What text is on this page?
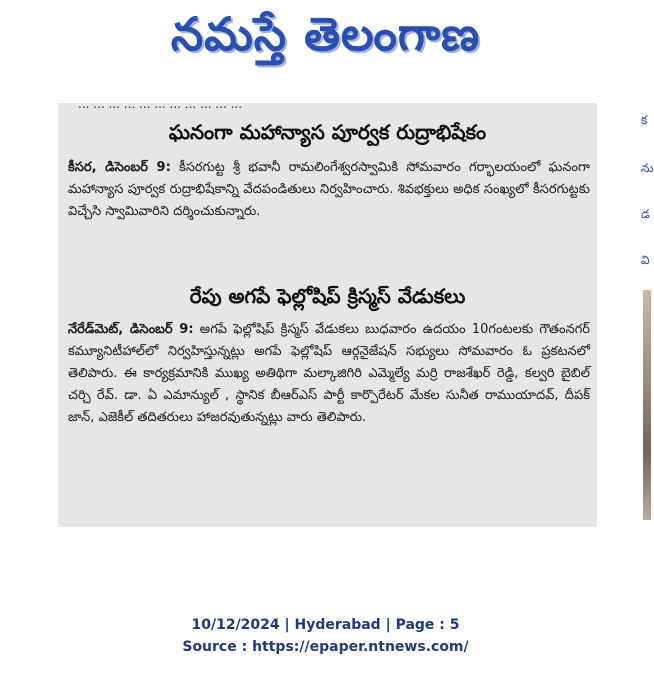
నమస్తే తెలంగాణ
... ... ... ... ... ... ... ... ... ... ...
ఘనంగా మహాన్యాస పూర్వక రుద్రాభిషేకం
కీసర, డిసెంబర్ 9: కీసరగుట్ట శ్రీ భవానీ రామలింగేశ్వరస్వామికి సోమవారం గర్భాలయంలో ఘనంగా మహాన్యాస పూర్వక రుద్రాభిషేకాన్ని వేదపండితులు నిర్వహించారు. శివభక్తులు అధిక సంఖ్యలో కీసరగుట్టకు విచ్చేసి స్వామివారిని దర్శించుకున్నారు.
రేపు అగపే ఫెల్లోషిప్ క్రిస్మస్ వేడుకలు
నేరేడ్‌మెట్, డిసెంబర్ 9: అగపే ఫెల్లోషిప్ క్రిస్మస్ వేడుకలు బుధవారం ఉదయం 10గంటలకు గౌతంనగర్ కమ్యూనిటీహాల్‌లో నిర్వహిస్తున్నట్లు అగపే ఫెల్లోషిప్ ఆర్గనైజేషన్ సభ్యులు సోమవారం ఓ ప్రకటనలో తెలిపారు. ఈ కార్యక్రమానికి ముఖ్య అతిథిగా మల్కాజిగిరి ఎమ్మెల్యే మర్రి రాజశేఖర్ రెడ్డి, కల్వరి బైబిల్ చర్చి రేవ్. డా. ఏ ఎమాన్యుల్ , స్థానిక బీఆర్ఎస్ పార్టీ కార్పొరేటర్ మేకల సునీత రాముయాదవ్, దీపక్ జాన్, ఎజెకీల్ తదితరులు హాజరవుతున్నట్లు వారు తెలిపారు.
క
ను
డ
వి
10/12/2024 | Hyderabad | Page : 5
Source : https://epaper.ntnews.com/
